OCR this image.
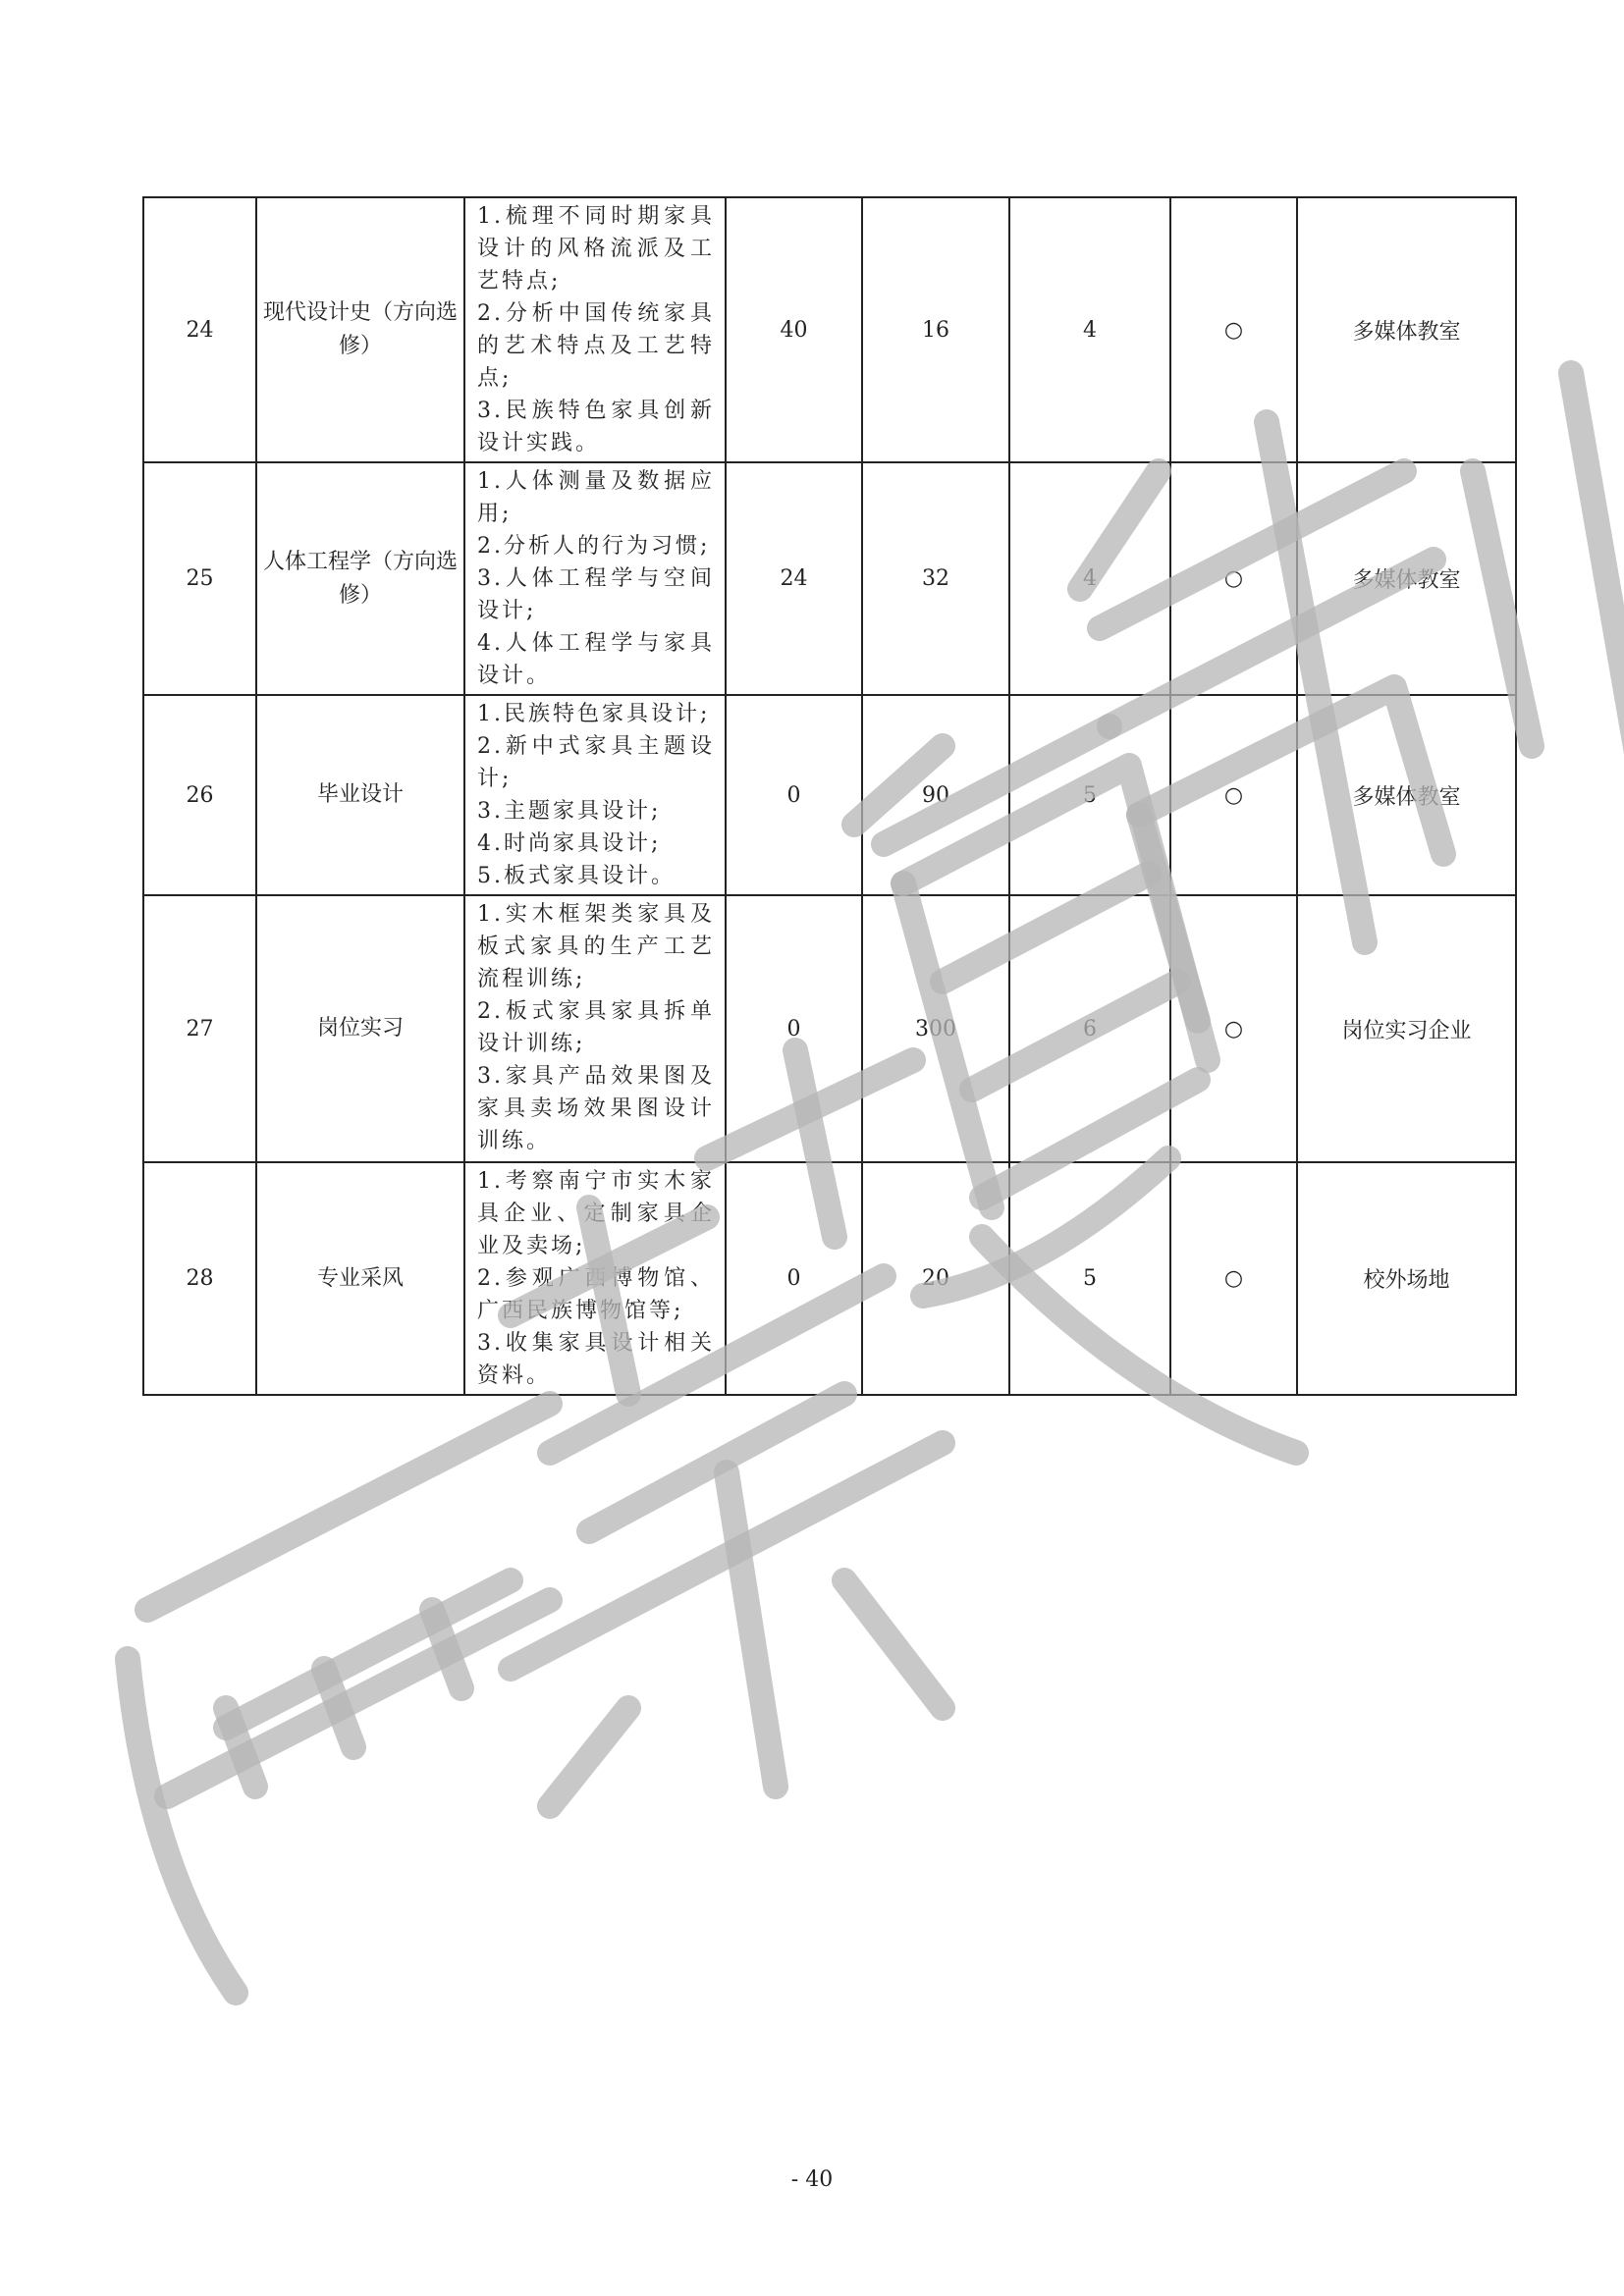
24	现代设计史（方向选修）	1.梳理不同时期家具设计的风格流派及工艺特点;
2.分析中国传统家具的艺术特点及工艺特点;
3.民族特色家具创新设计实践。	40	16	4	○	多媒体教室
25	人体工程学（方向选修）	1.人体测量及数据应用;
2.分析人的行为习惯;
3.人体工程学与空间设计;
4.人体工程学与家具设计。	24	32	4	○	多媒体教室
26	毕业设计	1.民族特色家具设计;
2.新中式家具主题设计;
3.主题家具设计;
4.时尚家具设计;
5.板式家具设计。	0	90	5	○	多媒体教室
27	岗位实习	1.实木框架类家具及板式家具的生产工艺流程训练;
2.板式家具家具拆单设计训练;
3.家具产品效果图及家具卖场效果图设计训练。	0	300	6	○	岗位实习企业
28	专业采风	1.考察南宁市实木家具企业、定制家具企业及卖场;
2.参观广西博物馆、广西民族博物馆等;
3.收集家具设计相关资料。	0	20	5	○	校外场地
- 40
